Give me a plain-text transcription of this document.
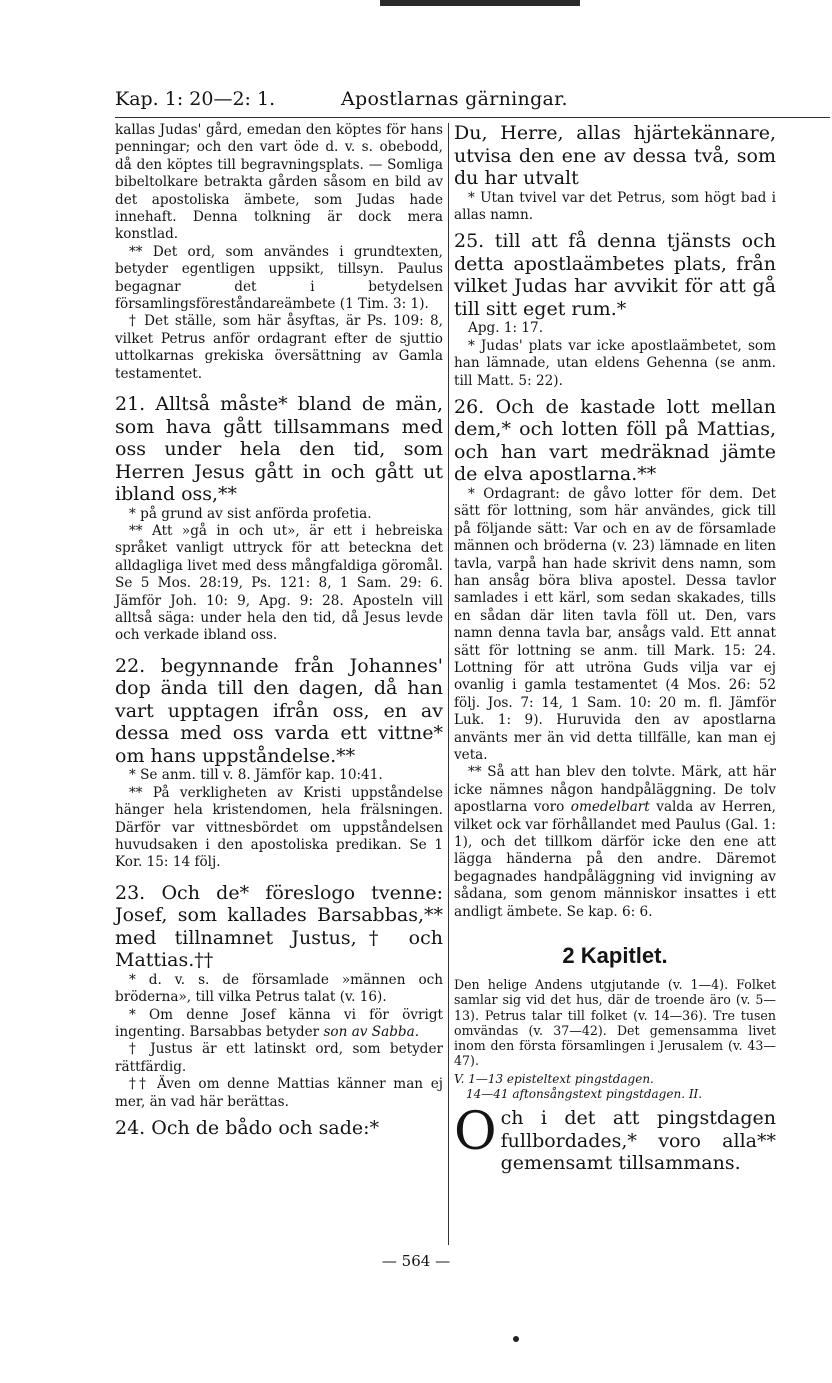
Kap. 1: 20—2: 1.	Apostlarnas gärningar.

kallas Judas' gård, emedan den köptes för hans penningar; och den vart öde d. v. s. obebodd, då den köptes till begravningsplats. — Somliga bibeltolkare betrakta gården såsom en bild av det apostoliska ämbete, som Judas hade innehaft. Denna tolkning är dock mera konstlad.

** Det ord, som användes i grundtexten, betyder egentligen uppsikt, tillsyn. Paulus begagnar det i betydelsen församlingsföreståndareämbete (1 Tim. 3: 1).

† Det ställe, som här åsyftas, är Ps. 109: 8, vilket Petrus anför ordagrant efter de sjuttio uttolkarnas grekiska översättning av Gamla testamentet.

21. Alltså måste* bland de män, som hava gått tillsammans med oss under hela den tid, som Herren Jesus gått in och gått ut ibland oss,**

* på grund av sist anförda profetia.

** Att »gå in och ut», är ett i hebreiska språket vanligt uttryck för att beteckna det alldagliga livet med dess mångfaldiga göromål. Se 5 Mos. 28:19, Ps. 121: 8, 1 Sam. 29: 6. Jämför Joh. 10: 9, Apg. 9: 28. Aposteln vill alltså säga: under hela den tid, då Jesus levde och verkade ibland oss.

22. begynnande från Johannes' dop ända till den dagen, då han vart upptagen ifrån oss, en av dessa med oss varda ett vittne* om hans uppståndelse.**

* Se anm. till v. 8. Jämför kap. 10:41.

** På verkligheten av Kristi uppståndelse hänger hela kristendomen, hela frälsningen. Därför var vittnesbördet om uppståndelsen huvudsaken i den apostoliska predikan. Se 1 Kor. 15: 14 följ.

23. Och de* föreslogo tvenne: Josef, som kallades Barsabbas,** med tillnamnet Justus,† och Mattias.††

* d. v. s. de församlade »männen och bröderna», till vilka Petrus talat (v. 16).

* Om denne Josef känna vi för övrigt ingenting. Barsabbas betyder son av Sabba.

† Justus är ett latinskt ord, som betyder rättfärdig.

†† Även om denne Mattias känner man ej mer, än vad här berättas.

24. Och de bådo och sade:*

Du, Herre, allas hjärtekännare, utvisa den ene av dessa två, som du har utvalt

* Utan tvivel var det Petrus, som högt bad i allas namn.

25. till att få denna tjänsts och detta apostlaämbetes plats, från vilket Judas har avvikit för att gå till sitt eget rum.*

Apg. 1: 17.

* Judas' plats var icke apostlaämbetet, som han lämnade, utan eldens Gehenna (se anm. till Matt. 5: 22).

26. Och de kastade lott mellan dem,* och lotten föll på Mattias, och han vart medräknad jämte de elva apostlarna.**

* Ordagrant: de gåvo lotter för dem. Det sätt för lottning, som här användes, gick till på följande sätt: Var och en av de församlade männen och bröderna (v. 23) lämnade en liten tavla, varpå han hade skrivit dens namn, som han ansåg böra bliva apostel. Dessa tavlor samlades i ett kärl, som sedan skakades, tills en sådan där liten tavla föll ut. Den, vars namn denna tavla bar, ansågs vald. Ett annat sätt för lottning se anm. till Mark. 15: 24. Lottning för att utröna Guds vilja var ej ovanlig i gamla testamentet (4 Mos. 26: 52 följ. Jos. 7: 14, 1 Sam. 10: 20 m. fl. Jämför Luk. 1: 9). Huruvida den av apostlarna använts mer än vid detta tillfälle, kan man ej veta.

** Så att han blev den tolvte. Märk, att här icke nämnes någon handpåläggning. De tolv apostlarna voro omedelbart valda av Herren, vilket ock var förhållandet med Paulus (Gal. 1: 1), och det tillkom därför icke den ene att lägga händerna på den andre. Däremot begagnades handpåläggning vid invigning av sådana, som genom människor insattes i ett andligt ämbete. Se kap. 6: 6.

2 Kapitlet.

Den helige Andens utgjutande (v. 1—4). Folket samlar sig vid det hus, där de troende äro (v. 5—13). Petrus talar till folket (v. 14—36). Tre tusen omvändas (v. 37—42). Det gemensamma livet inom den första församlingen i Jerusalem (v. 43—47).

V. 1—13 episteltext pingstdagen.

14—41 aftonsångstext pingstdagen. II.

O ch i det att pingstdagen fullbordades,* voro alla** gemensamt tillsammans.

— 564 —
